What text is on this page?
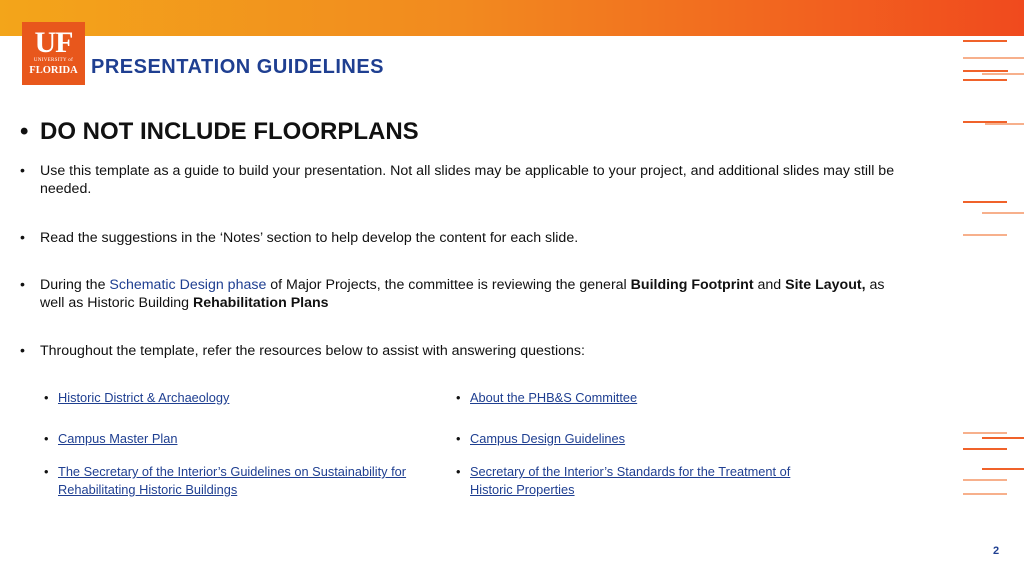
UF
UNIVERSITY of
FLORIDA PRESENTATION GUIDELINES
• DO NOT INCLUDE FLOORPLANS
• Use this template as a guide to build your presentation. Not all slides may be applicable to your project, and additional slides may still be needed.
• Read the suggestions in the ‘Notes’ section to help develop the content for each slide.
• During the Schematic Design phase of Major Projects, the committee is reviewing the general Building Footprint and Site Layout, as well as Historic Building Rehabilitation Plans
• Throughout the template, refer the resources below to assist with answering questions:
• Historic District & Archaeology
• Campus Master Plan
• The Secretary of the Interior’s Guidelines on Sustainability for Rehabilitating Historic Buildings
• About the PHB&S Committee
• Campus Design Guidelines
• Secretary of the Interior’s Standards for the Treatment of Historic Properties
2
